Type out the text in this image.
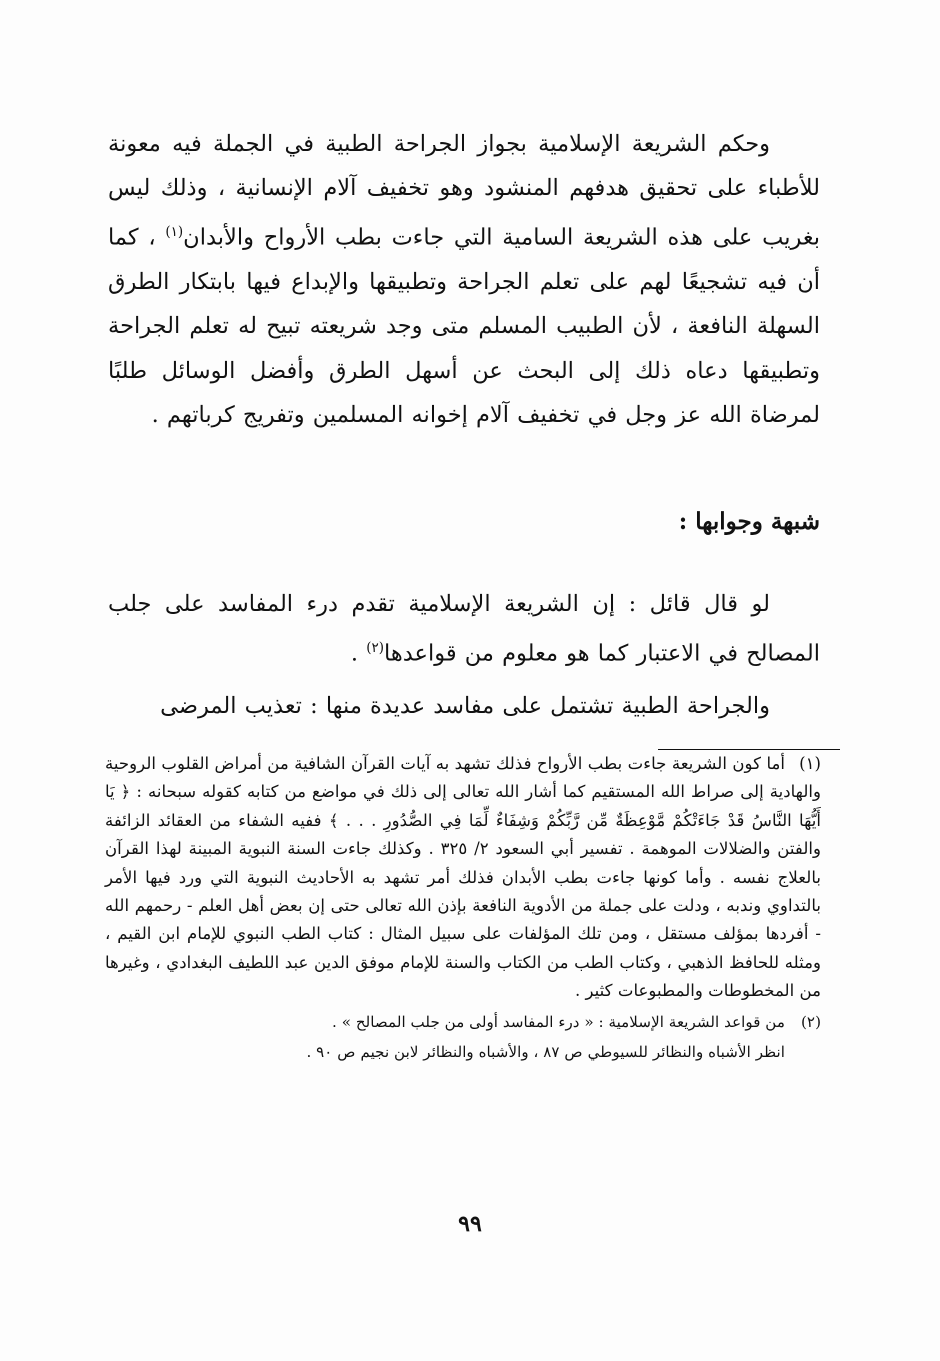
وحكم الشريعة الإسلامية بجواز الجراحة الطبية في الجملة فيه معونة للأطباء على تحقيق هدفهم المنشود وهو تخفيف آلام الإنسانية ، وذلك ليس بغريب على هذه الشريعة السامية التي جاءت بطب الأرواح والأبدان$^{(١)}$ ، كما أن فيه تشجيعًا لهم على تعلم الجراحة وتطبيقها والإبداع فيها بابتكار الطرق السهلة النافعة ، لأن الطبيب المسلم متى وجد شريعته تبيح له تعلم الجراحة وتطبيقها دعاه ذلك إلى البحث عن أسهل الطرق وأفضل الوسائل طلبًا لمرضاة الله عز وجل في تخفيف آلام إخوانه المسلمين وتفريج كرباتهم .

شبهة وجوابها :

لو قال قائل : إن الشريعة الإسلامية تقدم درء المفاسد على جلب المصالح في الاعتبار كما هو معلوم من قواعدها$^{(٢)}$ .

والجراحة الطبية تشتمل على مفاسد عديدة منها : تعذيب المرضى

(١)أما كون الشريعة جاءت بطب الأرواح فذلك تشهد به آيات القرآن الشافية من أمراض القلوب الروحية والهادية إلى صراط الله المستقيم كما أشار الله تعالى إلى ذلك في مواضع من كتابه كقوله سبحانه : ﴿ يَا أَيُّهَا النَّاسُ قَدْ جَاءَتْكُمْ مَّوْعِظَةٌ مِّن رَّبِّكُمْ وَشِفَاءٌ لِّمَا فِي الصُّدُورِ . . . ﴾ ففيه الشفاء من العقائد الزائفة والفتن والضلالات الموهمة . تفسير أبي السعود ٢/ ٣٢٥ . وكذلك جاءت السنة النبوية المبينة لهذا القرآن بالعلاج نفسه . وأما كونها جاءت بطب الأبدان فذلك أمر تشهد به الأحاديث النبوية التي ورد فيها الأمر بالتداوي وندبه ، ودلت على جملة من الأدوية النافعة بإذن الله تعالى حتى إن بعض أهل العلم - رحمهم الله - أفردها بمؤلف مستقل ، ومن تلك المؤلفات على سبيل المثال : كتاب الطب النبوي للإمام ابن القيم ، ومثله للحافظ الذهبي ، وكتاب الطب من الكتاب والسنة للإمام موفق الدين عبد اللطيف البغدادي ، وغيرها من المخطوطات والمطبوعات كثير .

(٢)من قواعد الشريعة الإسلامية : « درء المفاسد أولى من جلب المصالح » .

انظر الأشباه والنظائر للسيوطي ص ٨٧ ، والأشباه والنظائر لابن نجيم ص ٩٠ .

٩٩
